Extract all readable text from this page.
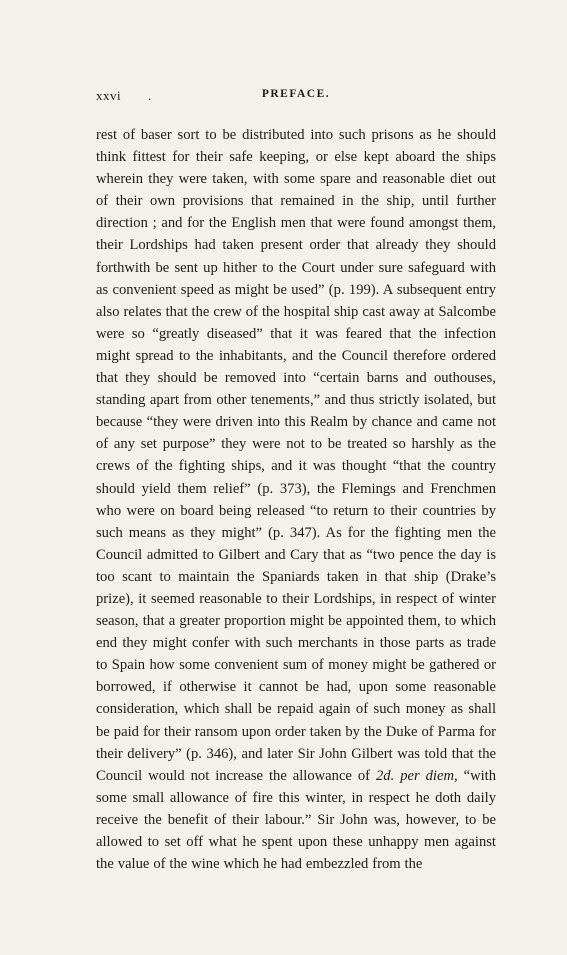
xxvi .	PREFACE.

rest of baser sort to be distributed into such prisons as he should think fittest for their safe keeping, or else kept aboard the ships wherein they were taken, with some spare and reasonable diet out of their own provisions that remained in the ship, until further direction ; and for the English men that were found amongst them, their Lordships had taken present order that already they should forthwith be sent up hither to the Court under sure safeguard with as convenient speed as might be used” (p. 199). A subsequent entry also relates that the crew of the hospital ship cast away at Salcombe were so “greatly diseased” that it was feared that the infection might spread to the inhabitants, and the Council therefore ordered that they should be removed into “certain barns and outhouses, standing apart from other tenements,” and thus strictly isolated, but because “they were driven into this Realm by chance and came not of any set purpose” they were not to be treated so harshly as the crews of the fighting ships, and it was thought “that the country should yield them relief” (p. 373), the Flemings and Frenchmen who were on board being released “to return to their countries by such means as they might” (p. 347). As for the fighting men the Council admitted to Gilbert and Cary that as “two pence the day is too scant to maintain the Spaniards taken in that ship (Drake’s prize), it seemed reasonable to their Lordships, in respect of winter season, that a greater proportion might be appointed them, to which end they might confer with such merchants in those parts as trade to Spain how some convenient sum of money might be gathered or borrowed, if otherwise it cannot be had, upon some reasonable consideration, which shall be repaid again of such money as shall be paid for their ransom upon order taken by the Duke of Parma for their delivery” (p. 346), and later Sir John Gilbert was told that the Council would not increase the allowance of 2d. per diem, “with some small allowance of fire this winter, in respect he doth daily receive the benefit of their labour.” Sir John was, however, to be allowed to set off what he spent upon these unhappy men against the value of the wine which he had embezzled from the
